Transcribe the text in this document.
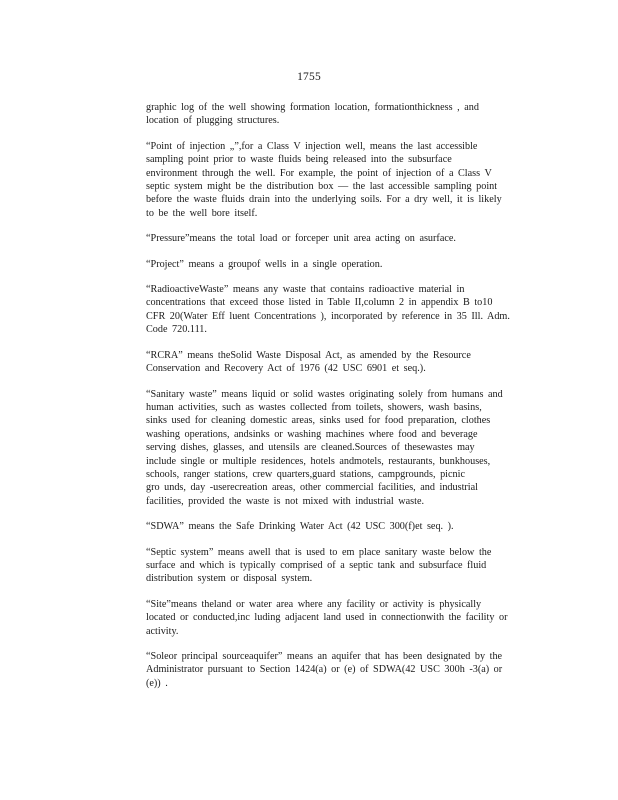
1755

graphic log of the well showing formation location, formationthickness , and
location of plugging structures.

“Point of injection „”,for a Class V injection well, means the last accessible
sampling point prior to waste fluids being released into the subsurface
environment through the well. For example, the point of injection of a Class V
septic system might be the distribution box — the last accessible sampling point
before the waste fluids drain into the underlying soils. For a dry well, it is likely
to be the well bore itself.

“Pressure”means the total load or forceper unit area acting on asurface.

“Project” means a groupof wells in a single operation.

“RadioactiveWaste” means any waste that contains radioactive material in
concentrations that exceed those listed in Table II,column 2 in appendix B to10
CFR 20(Water Eff luent Concentrations ), incorporated by reference in 35 Ill. Adm.
Code 720.111.

“RCRA” means theSolid Waste Disposal Act, as amended by the Resource
Conservation and Recovery Act of 1976 (42 USC 6901 et seq.).

“Sanitary waste” means liquid or solid wastes originating solely from humans and
human activities, such as wastes collected from toilets, showers, wash basins,
sinks used for cleaning domestic areas, sinks used for food preparation, clothes
washing operations, andsinks or washing machines where food and beverage
serving dishes, glasses, and utensils are cleaned.Sources of thesewastes may
include single or multiple residences, hotels andmotels, restaurants, bunkhouses,
schools, ranger stations, crew quarters,guard stations, campgrounds, picnic
gro unds, day -userecreation areas, other commercial facilities, and industrial
facilities, provided the waste is not mixed with industrial waste.

“SDWA” means the Safe Drinking Water Act (42 USC 300(f)et seq. ).

“Septic system” means awell that is used to em place sanitary waste below the
surface and which is typically comprised of a septic tank and subsurface fluid
distribution system or disposal system.

“Site”means theland or water area where any facility or activity is physically
located or conducted,inc luding adjacent land used in connectionwith the facility or
activity.

“Soleor principal sourceaquifer” means an aquifer that has been designated by the
Administrator pursuant to Section 1424(a) or (e) of SDWA(42 USC 300h -3(a) or
(e)) .
